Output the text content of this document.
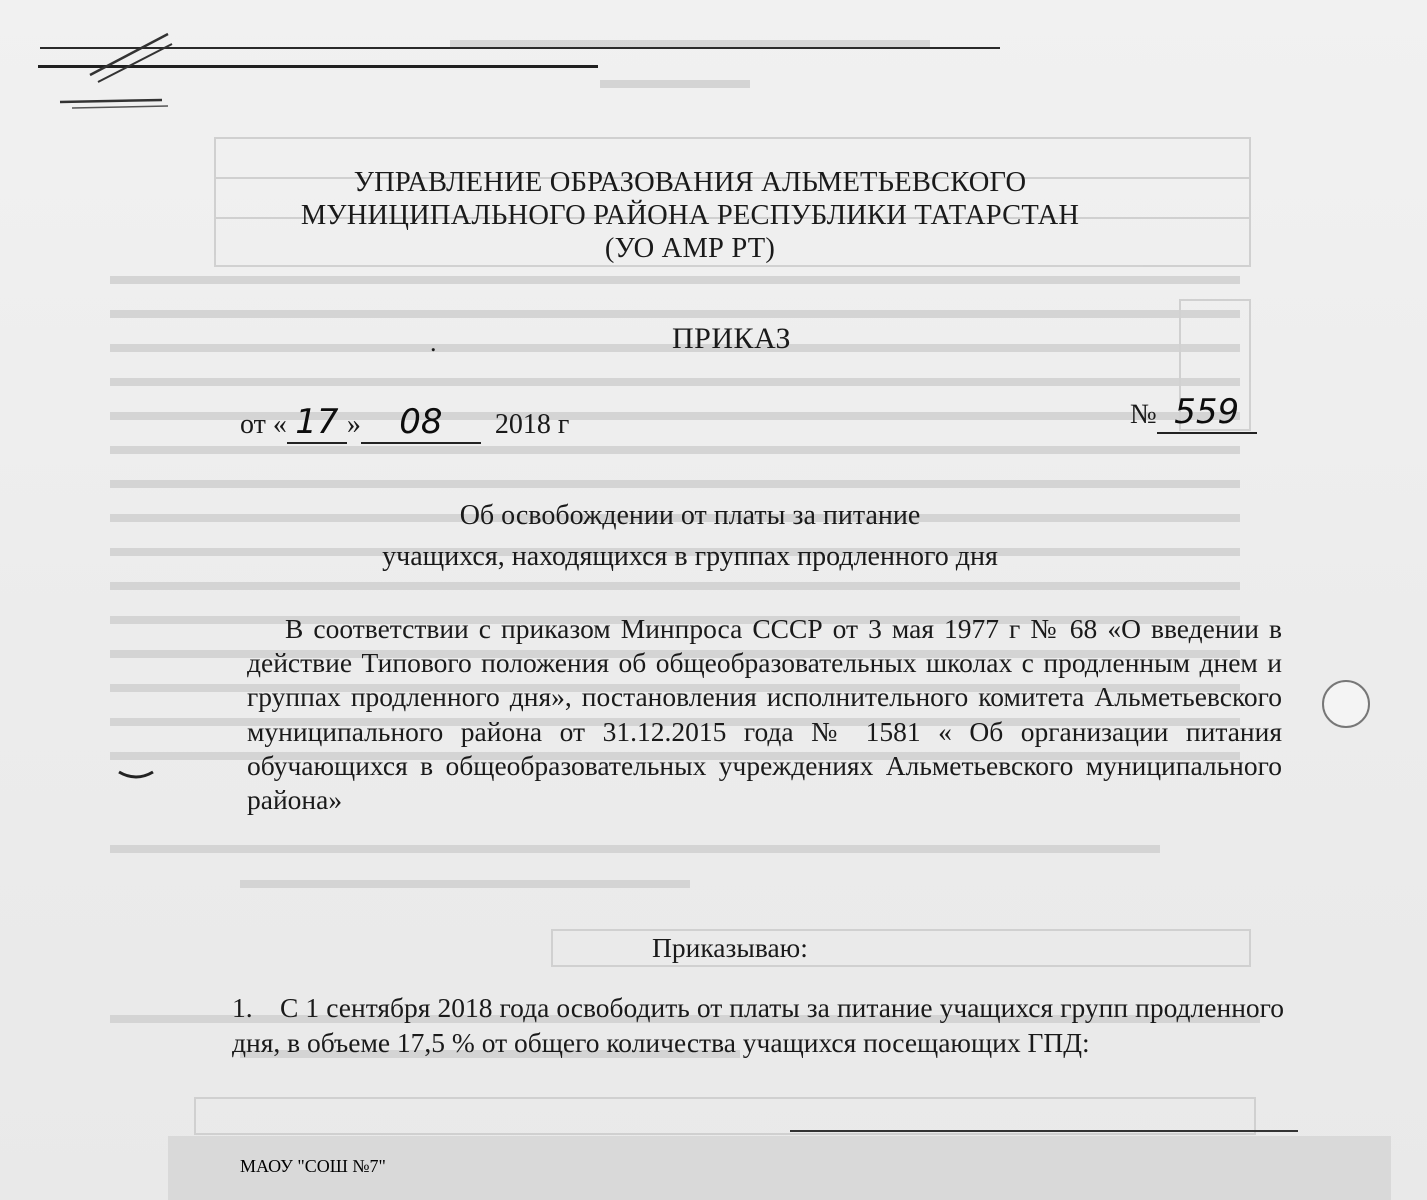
УПРАВЛЕНИЕ ОБРАЗОВАНИЯ АЛЬМЕТЬЕВСКОГО
МУНИЦИПАЛЬНОГО РАЙОНА РЕСПУБЛИКИ ТАТАРСТАН
(УО АМР РТ)
.	ПРИКАЗ
от « 17 » 08 2018 г	№ 559
Об освобождении от платы за питание
учащихся, находящихся в группах продленного дня

В соответствии с приказом Минпроса СССР от 3 мая 1977 г № 68 «О введении в действие Типового положения об общеобразовательных школах с продленным днем и группах продленного дня», постановления исполнительного комитета Альметьевского муниципального района от 31.12.2015 года № 1581 « Об организации питания обучающихся в общеобразовательных учреждениях Альметьевского муниципального района»

Приказываю:
1. С 1 сентября 2018 года освободить от платы за питание учащихся групп продленного дня, в объеме 17,5 % от общего количества учащихся посещающих ГПД:
МАОУ "СОШ №7"
